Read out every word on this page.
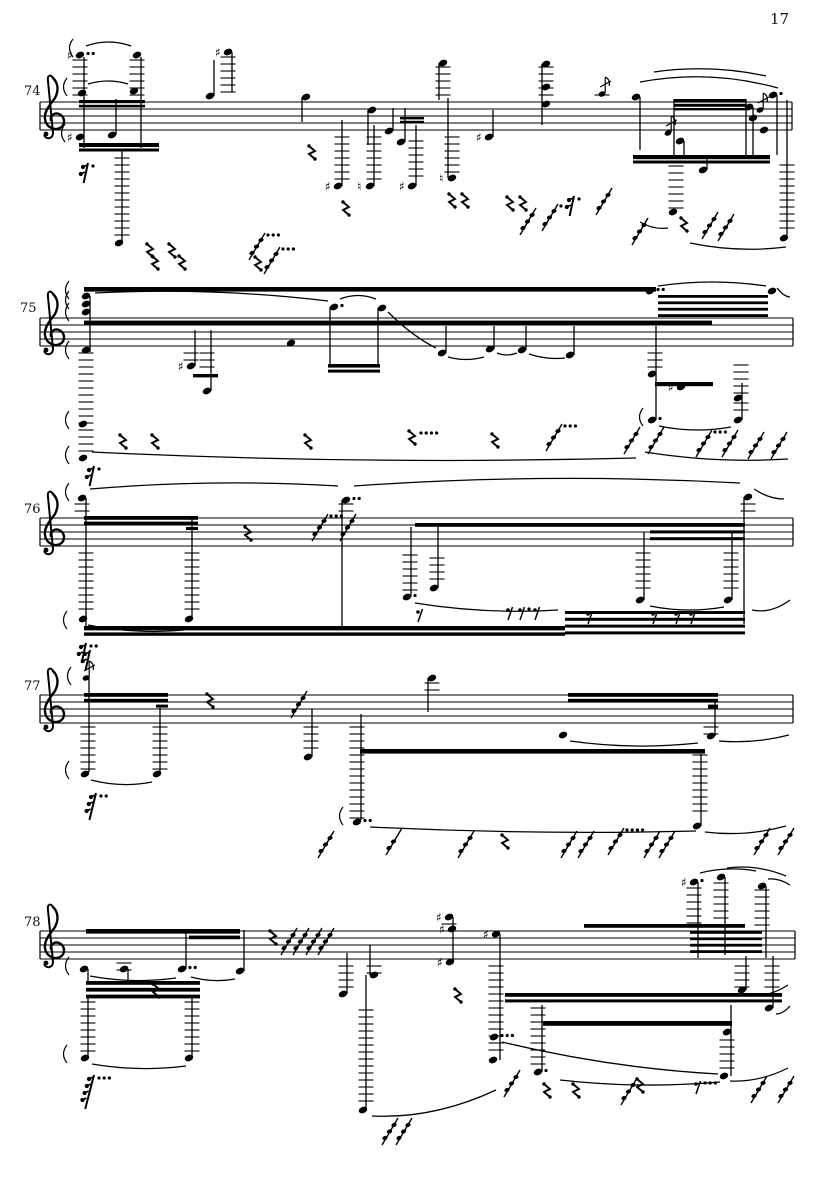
17
74
75
76
77
78
♯
♯
♯
♯ ♮	♯
♮
♯
♯
♯
♯
♯
♯
♯
♯
